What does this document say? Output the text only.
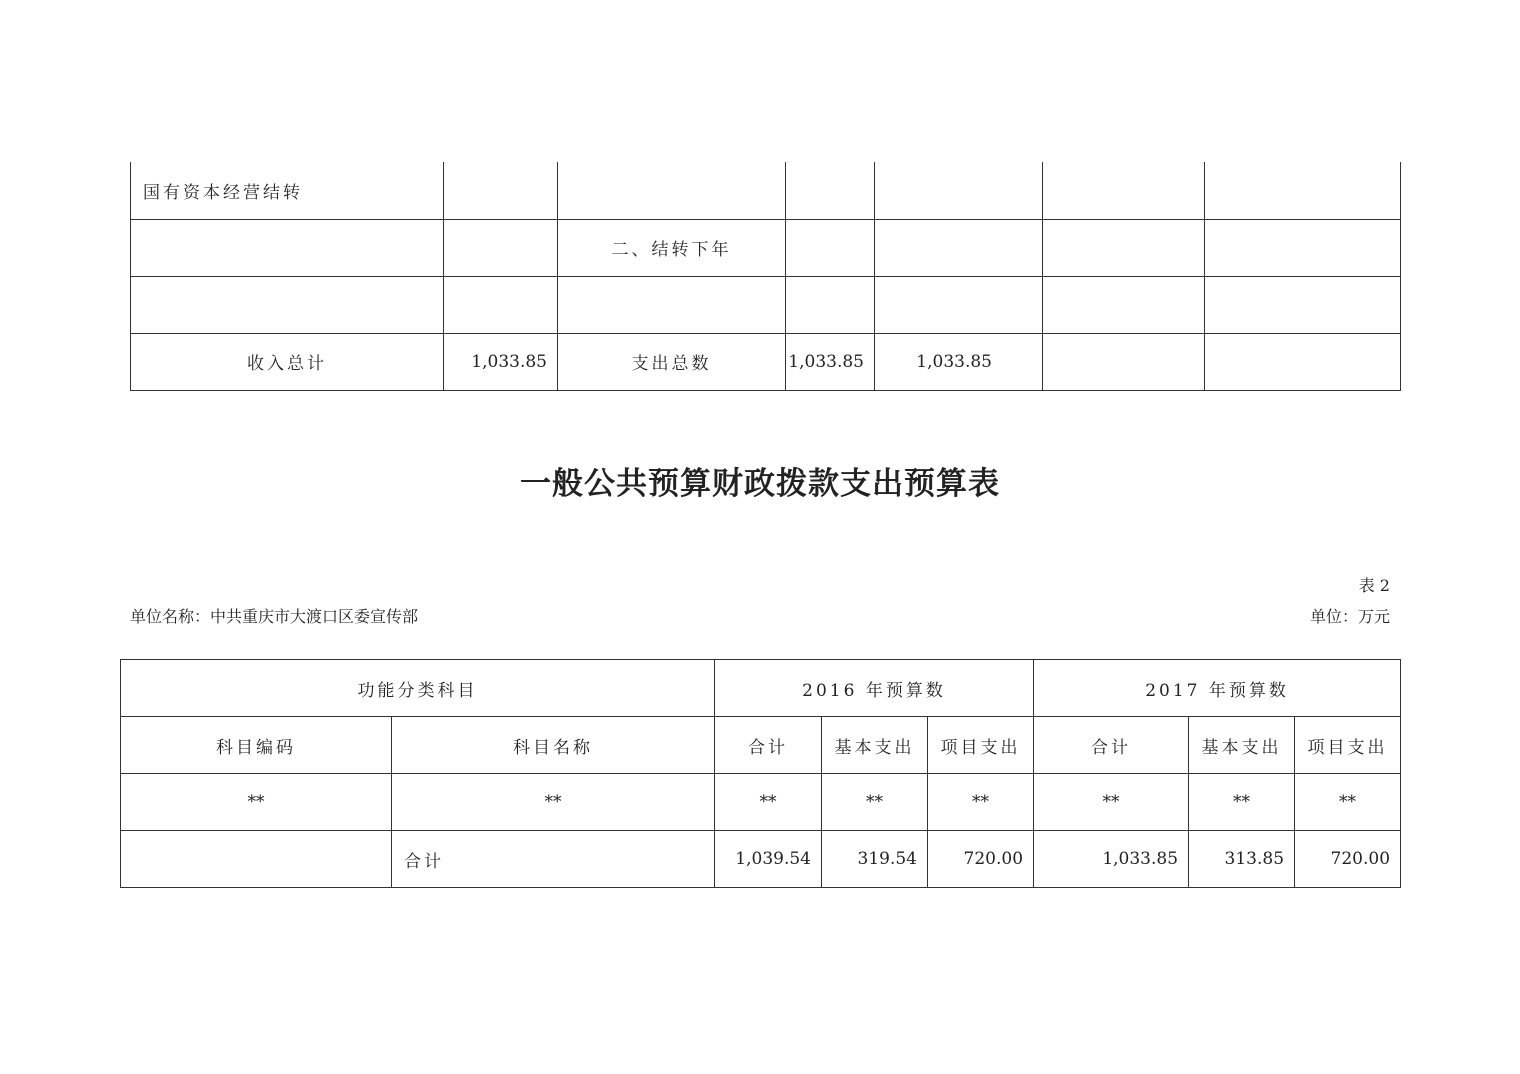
国有资本经营结转						
		二、结转下年				

收入总计	1,033.85	支出总数	1,033.85	1,033.85		
一般公共预算财政拨款支出预算表
表 2
单位名称：中共重庆市大渡口区委宣传部	单位：万元
功能分类科目		2016 年预算数			2017 年预算数		
科目编码	科目名称	合计	基本支出	项目支出	合计	基本支出	项目支出
**	**	**	**	**	**	**	**
	合计	1,039.54	319.54	720.00	1,033.85	313.85	720.00
